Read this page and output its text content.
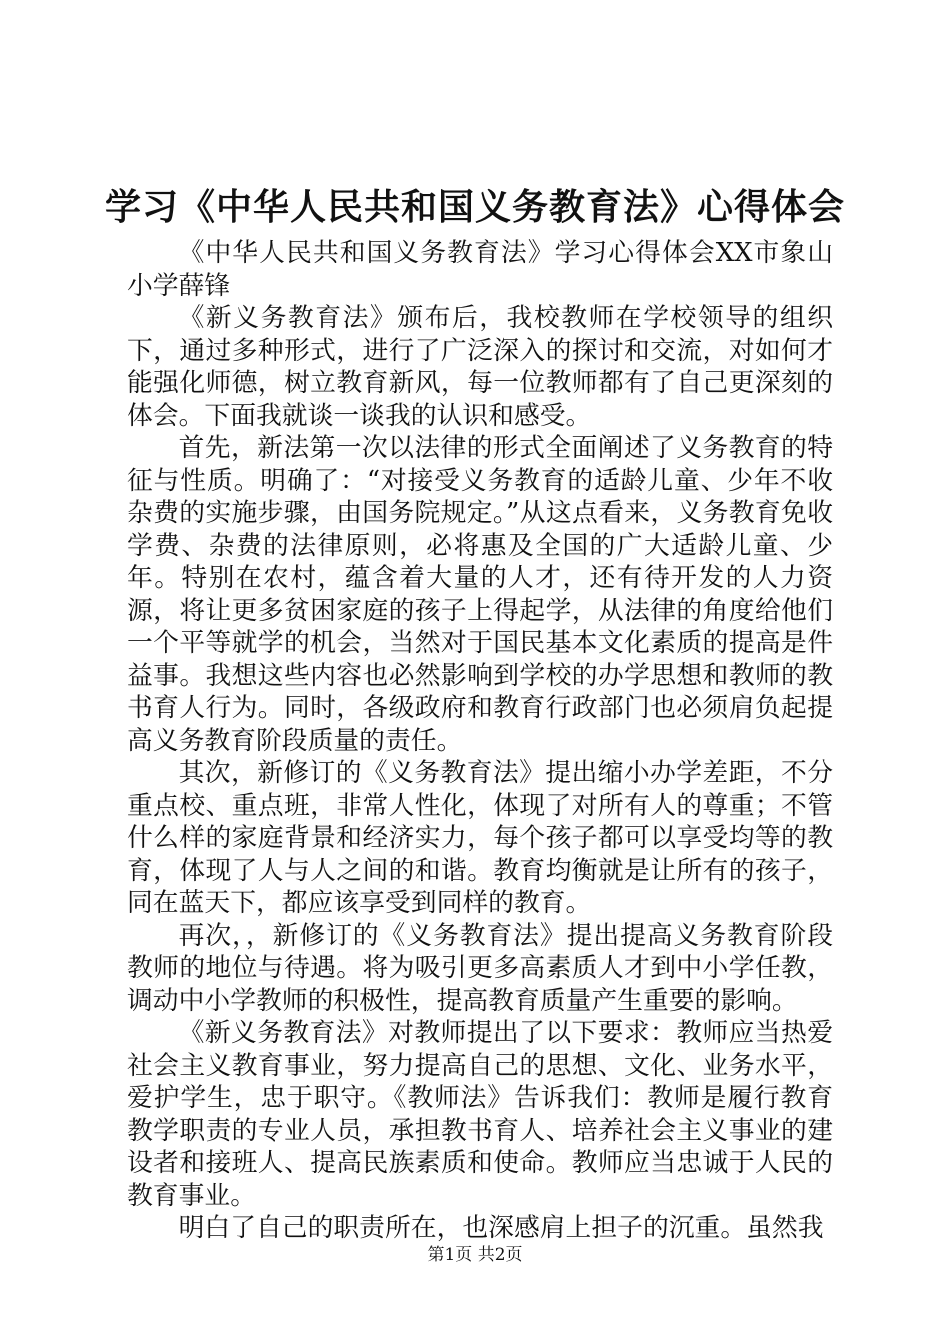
学习《中华人民共和国义务教育法》心得体会

《中华人民共和国义务教育法》学习心得体会XX市象山小学薛锋

《新义务教育法》颁布后，我校教师在学校领导的组织下，通过多种形式，进行了广泛深入的探讨和交流，对如何才能强化师德，树立教育新风，每一位教师都有了自己更深刻的体会。下面我就谈一谈我的认识和感受。

首先，新法第一次以法律的形式全面阐述了义务教育的特征与性质。明确了：“对接受义务教育的适龄儿童、少年不收杂费的实施步骤，由国务院规定。”从这点看来，义务教育免收学费、杂费的法律原则，必将惠及全国的广大适龄儿童、少年。特别在农村，蕴含着大量的人才，还有待开发的人力资源，将让更多贫困家庭的孩子上得起学，从法律的角度给他们一个平等就学的机会，当然对于国民基本文化素质的提高是件益事。我想这些内容也必然影响到学校的办学思想和教师的教书育人行为。同时，各级政府和教育行政部门也必须肩负起提高义务教育阶段质量的责任。

其次，新修订的《义务教育法》提出缩小办学差距，不分重点校、重点班，非常人性化，体现了对所有人的尊重；不管什么样的家庭背景和经济实力，每个孩子都可以享受均等的教育，体现了人与人之间的和谐。教育均衡就是让所有的孩子，同在蓝天下，都应该享受到同样的教育。

再次，，新修订的《义务教育法》提出提高义务教育阶段教师的地位与待遇。将为吸引更多高素质人才到中小学任教，调动中小学教师的积极性，提高教育质量产生重要的影响。

《新义务教育法》对教师提出了以下要求：教师应当热爱社会主义教育事业，努力提高自己的思想、文化、业务水平，爱护学生，忠于职守。《教师法》告诉我们：教师是履行教育教学职责的专业人员，承担教书育人、培养社会主义事业的建设者和接班人、提高民族素质和使命。教师应当忠诚于人民的教育事业。

明白了自己的职责所在，也深感肩上担子的沉重。虽然我

第1页 共2页
